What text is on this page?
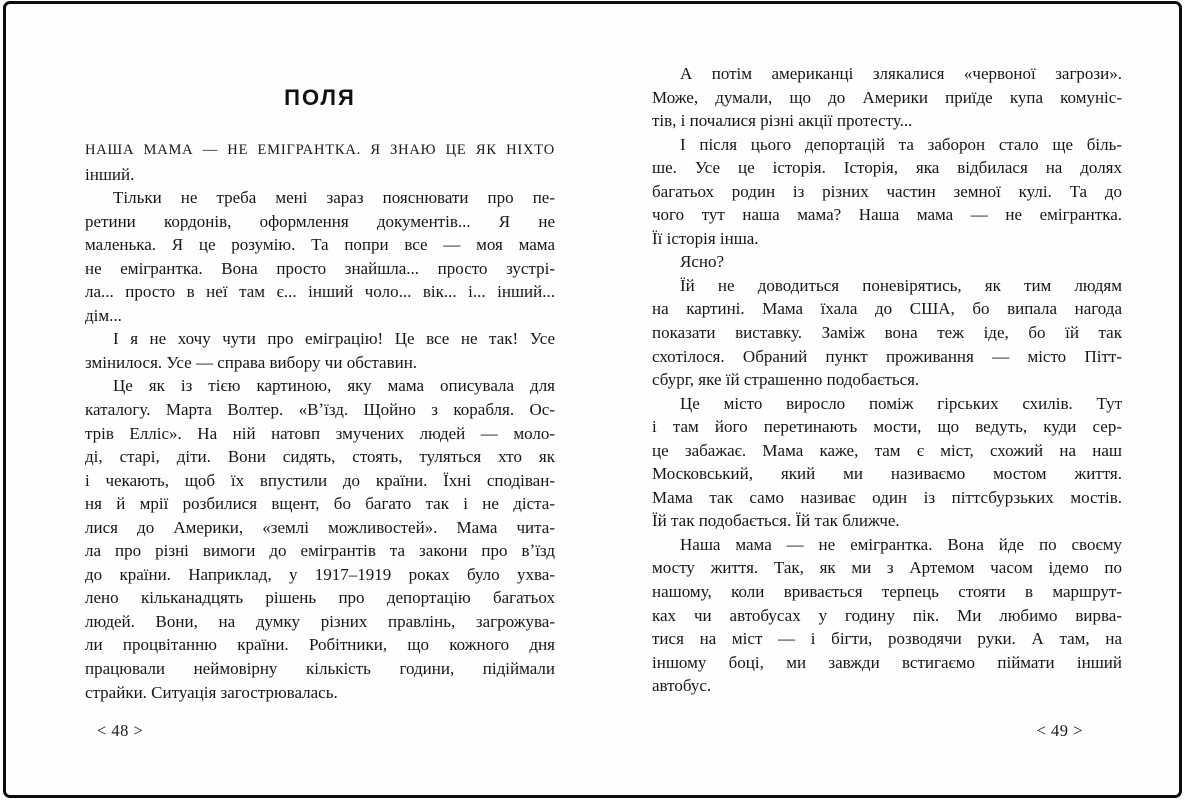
ПОЛЯ
НАША МАМА — НЕ ЕМІГРАНТКА. Я ЗНАЮ ЦЕ ЯК НІХТО
інший.
Тільки не треба мені зараз пояснювати про пе-
ретини кордонів, оформлення документів... Я не
маленька. Я це розумію. Та попри все — моя мама
не емігрантка. Вона просто знайшла... просто зустрі-
ла... просто в неї там є... інший чоло... вік... і... інший...
дім...
І я не хочу чути про еміграцію! Це все не так! Усе
змінилося. Усе — справа вибору чи обставин.
Це як із тією картиною, яку мама описувала для
каталогу. Марта Волтер. «Вʼїзд. Щойно з корабля. Ос-
трів Елліс». На ній натовп змучених людей — моло-
ді, старі, діти. Вони сидять, стоять, туляться хто як
і чекають, щоб їх впустили до країни. Їхні сподіван-
ня й мрії розбилися вщент, бо багато так і не діста-
лися до Америки, «землі можливостей». Мама чита-
ла про різні вимоги до емігрантів та закони про вʼїзд
до країни. Наприклад, у 1917–1919 роках було ухва-
лено кільканадцять рішень про депортацію багатьох
людей. Вони, на думку різних правлінь, загрожува-
ли процвітанню країни. Робітники, що кожного дня
працювали неймовірну кількість години, підіймали
страйки. Ситуація загострювалась.
< 48 >
А потім американці злякалися «червоної загрози».
Може, думали, що до Америки приїде купа комуніс-
тів, і почалися різні акції протесту...
І після цього депортацій та заборон стало ще біль-
ше. Усе це історія. Історія, яка відбилася на долях
багатьох родин із різних частин земної кулі. Та до
чого тут наша мама? Наша мама — не емігрантка.
Її історія інша.
Ясно?
Їй не доводиться поневірятись, як тим людям
на картині. Мама їхала до США, бо випала нагода
показати виставку. Заміж вона теж іде, бо їй так
схотілося. Обраний пункт проживання — місто Пітт-
сбург, яке їй страшенно подобається.
Це місто виросло поміж гірських схилів. Тут
і там його перетинають мости, що ведуть, куди сер-
це забажає. Мама каже, там є міст, схожий на наш
Московський, який ми називаємо мостом життя.
Мама так само називає один із піттсбурзьких мостів.
Їй так подобається. Їй так ближче.
Наша мама — не емігрантка. Вона йде по своєму
мосту життя. Так, як ми з Артемом часом ідемо по
нашому, коли вривається терпець стояти в маршрут-
ках чи автобусах у годину пік. Ми любимо вирва-
тися на міст — і бігти, розводячи руки. А там, на
іншому боці, ми завжди встигаємо піймати інший
автобус.
< 49 >
